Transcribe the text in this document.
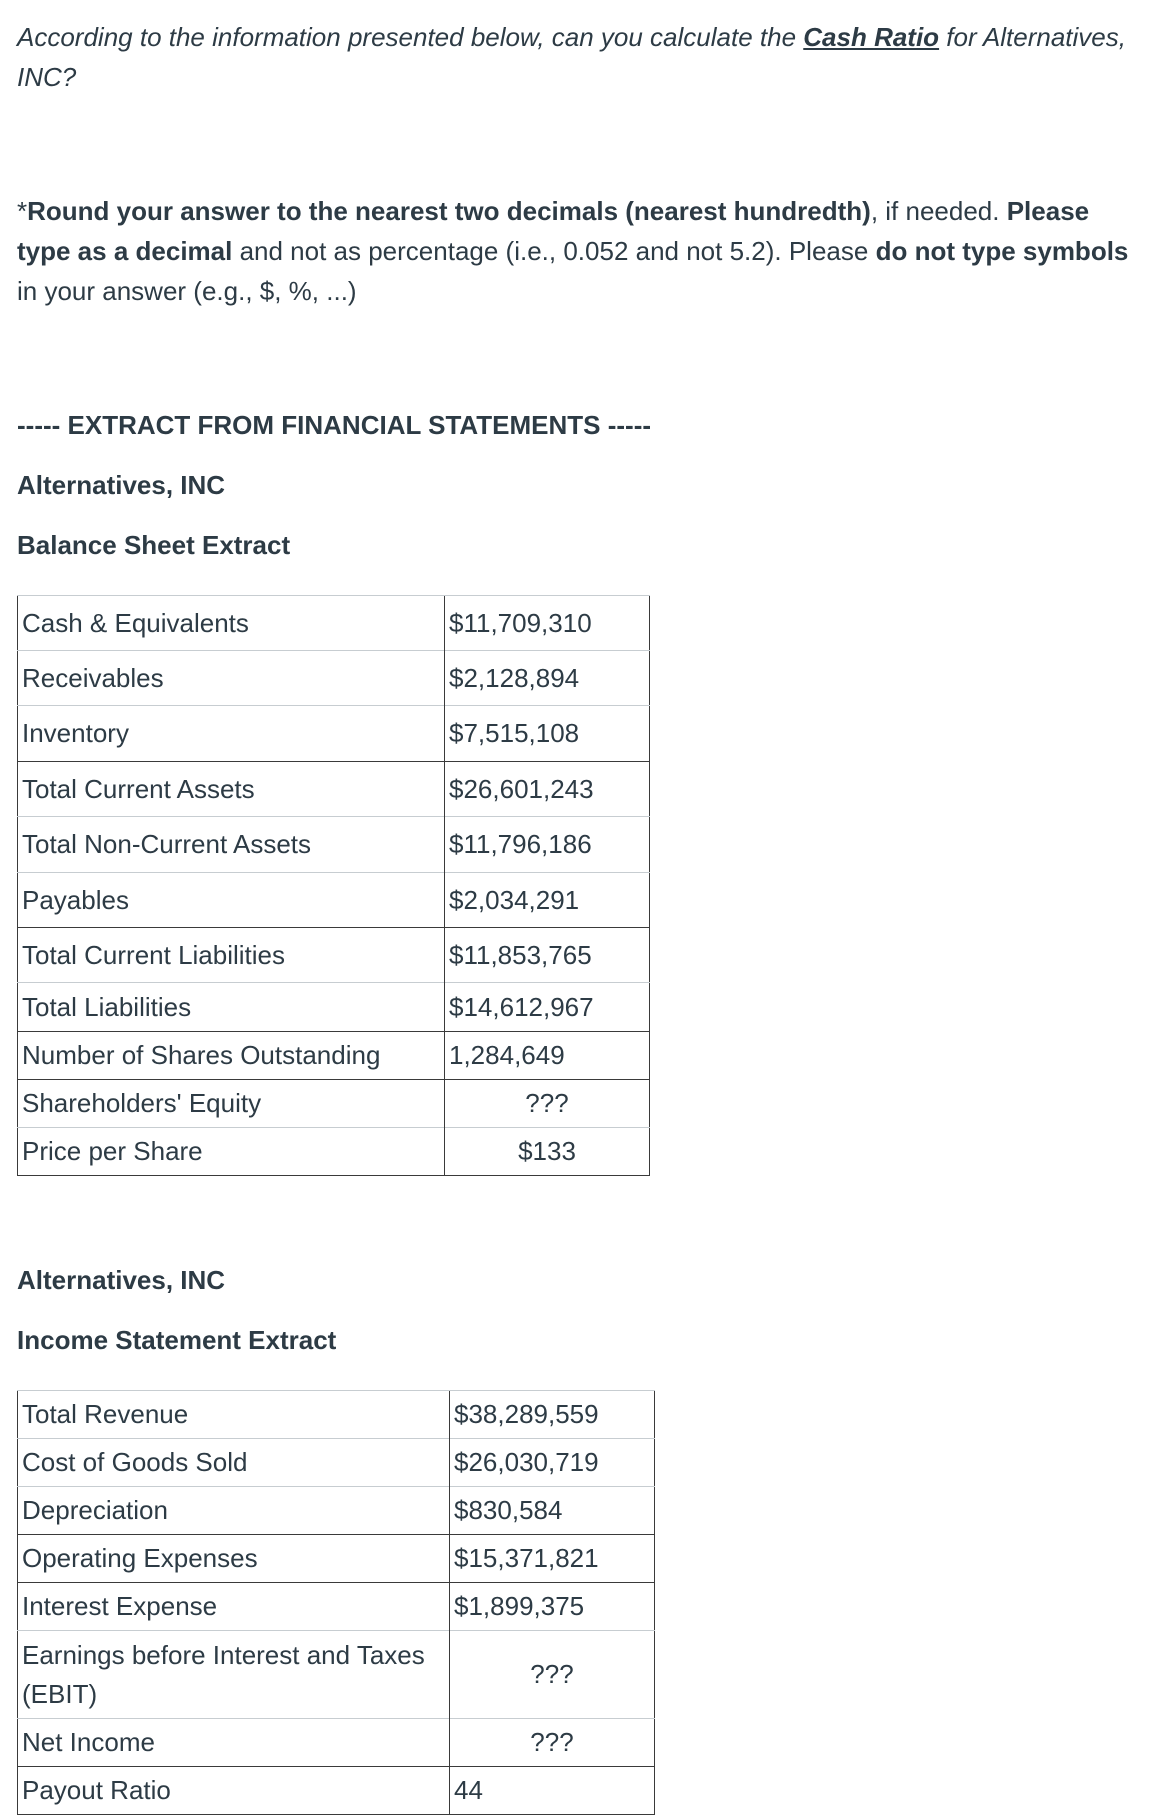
According to the information presented below, can you calculate the Cash Ratio for Alternatives, INC?

*Round your answer to the nearest two decimals (nearest hundredth), if needed. Please type as a decimal and not as percentage (i.e., 0.052 and not 5.2). Please do not type symbols in your answer (e.g., $, %, ...)

----- EXTRACT FROM FINANCIAL STATEMENTS -----

Alternatives, INC

Balance Sheet Extract

Cash & Equivalents	$11,709,310
Receivables	$2,128,894
Inventory	$7,515,108
Total Current Assets	$26,601,243
Total Non-Current Assets	$11,796,186
Payables	$2,034,291
Total Current Liabilities	$11,853,765
Total Liabilities	$14,612,967
Number of Shares Outstanding	1,284,649
Shareholders' Equity	???
Price per Share	$133

Alternatives, INC

Income Statement Extract

Total Revenue	$38,289,559
Cost of Goods Sold	$26,030,719
Depreciation	$830,584
Operating Expenses	$15,371,821
Interest Expense	$1,899,375
Earnings before Interest and Taxes (EBIT)	???
Net Income	???
Payout Ratio	44
